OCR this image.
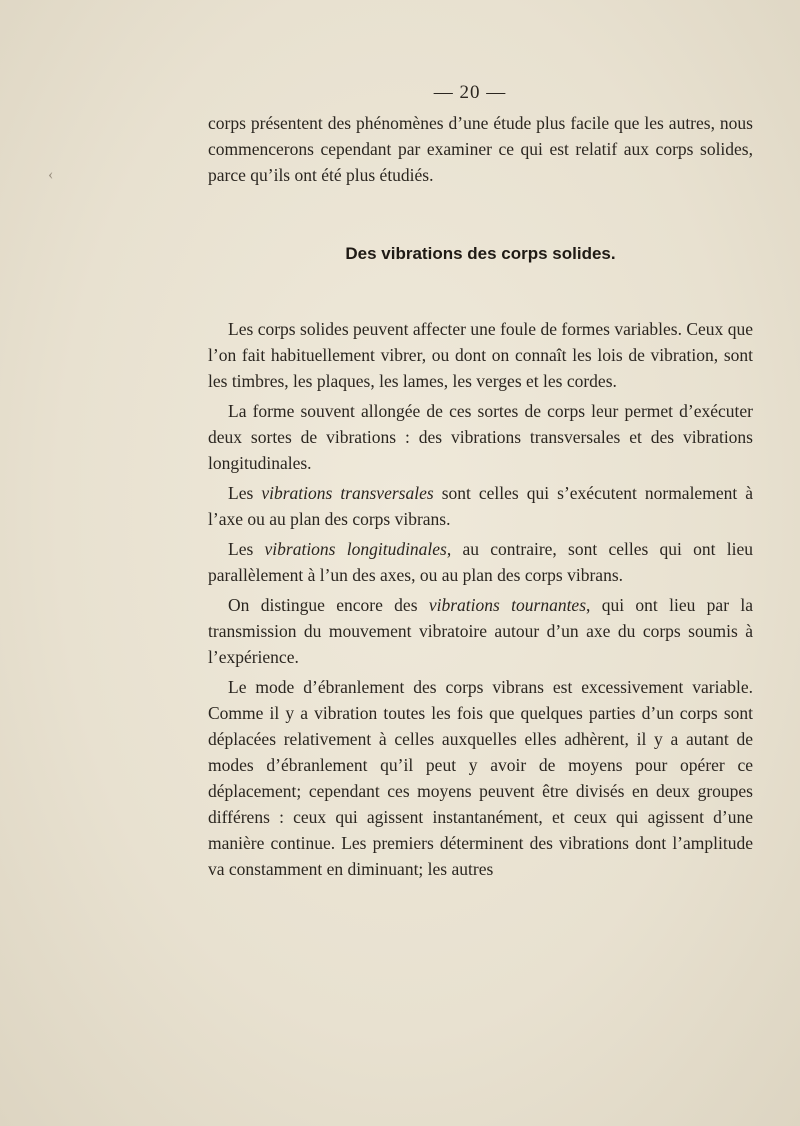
‹
— 20 —

corps présentent des phénomènes d’une étude plus facile que les autres, nous commencerons cependant par examiner ce qui est relatif aux corps solides, parce qu’ils ont été plus étudiés.

Des vibrations des corps solides.

Les corps solides peuvent affecter une foule de formes variables. Ceux que l’on fait habituellement vibrer, ou dont on connaît les lois de vibration, sont les timbres, les plaques, les lames, les verges et les cordes.

La forme souvent allongée de ces sortes de corps leur permet d’exécuter deux sortes de vibrations : des vibrations transversales et des vibrations longitudinales.

Les vibrations transversales sont celles qui s’exécutent normalement à l’axe ou au plan des corps vibrans.

Les vibrations longitudinales, au contraire, sont celles qui ont lieu parallèlement à l’un des axes, ou au plan des corps vibrans.

On distingue encore des vibrations tournantes, qui ont lieu par la transmission du mouvement vibratoire autour d’un axe du corps soumis à l’expérience.

Le mode d’ébranlement des corps vibrans est excessivement variable. Comme il y a vibration toutes les fois que quelques parties d’un corps sont déplacées relativement à celles auxquelles elles adhèrent, il y a autant de modes d’ébranlement qu’il peut y avoir de moyens pour opérer ce déplacement; cependant ces moyens peuvent être divisés en deux groupes différens : ceux qui agissent instantanément, et ceux qui agissent d’une manière continue. Les premiers déterminent des vibrations dont l’amplitude va constamment en diminuant; les autres
